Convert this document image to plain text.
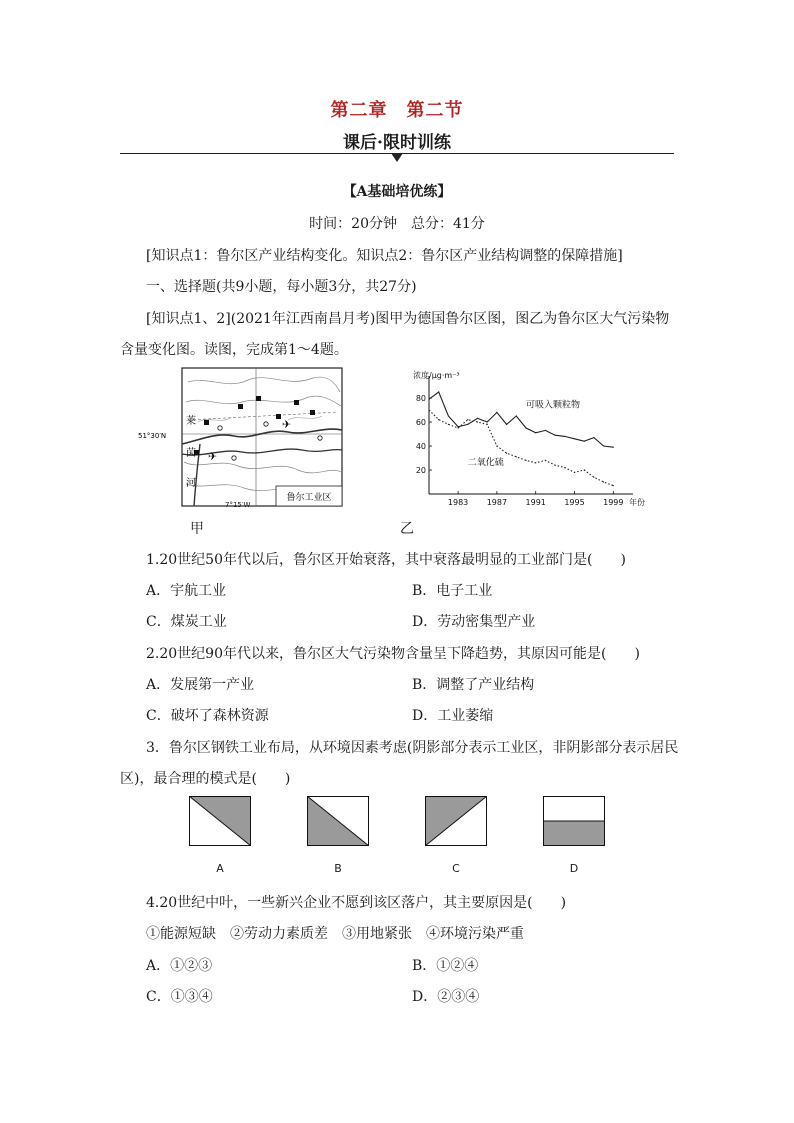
第二章　第二节
课后·限时训练
【A基础培优练】
时间：20分钟　总分：41分
[知识点1：鲁尔区产业结构变化。知识点2：鲁尔区产业结构调整的保障措施]
一、选择题(共9小题，每小题3分，共27分)
[知识点1、2](2021年江西南昌月考)图甲为德国鲁尔区图，图乙为鲁尔区大气污染物
含量变化图。读图，完成第1～4题。
✈
✈
鲁尔工业区
莱
茵
河
51°30′N
7°15′W
甲
浓度/μg·m⁻³
年份
20
40
60
80
1983 1987 1991 1995 1999
可吸入颗粒物
二氧化硫
乙
1.20世纪50年代以后，鲁尔区开始衰落，其中衰落最明显的工业部门是(　　)
A．宇航工业	B．电子工业
C．煤炭工业	D．劳动密集型产业
2.20世纪90年代以来，鲁尔区大气污染物含量呈下降趋势，其原因可能是(　　)
A．发展第一产业	B．调整了产业结构
C．破坏了森林资源	D．工业萎缩
3．鲁尔区钢铁工业布局，从环境因素考虑(阴影部分表示工业区，非阴影部分表示居民
区)，最合理的模式是(　　)
A	B	C	D
4.20世纪中叶，一些新兴企业不愿到该区落户，其主要原因是(　　)
①能源短缺　②劳动力素质差　③用地紧张　④环境污染严重
A．①②③	B．①②④
C．①③④	D．②③④
